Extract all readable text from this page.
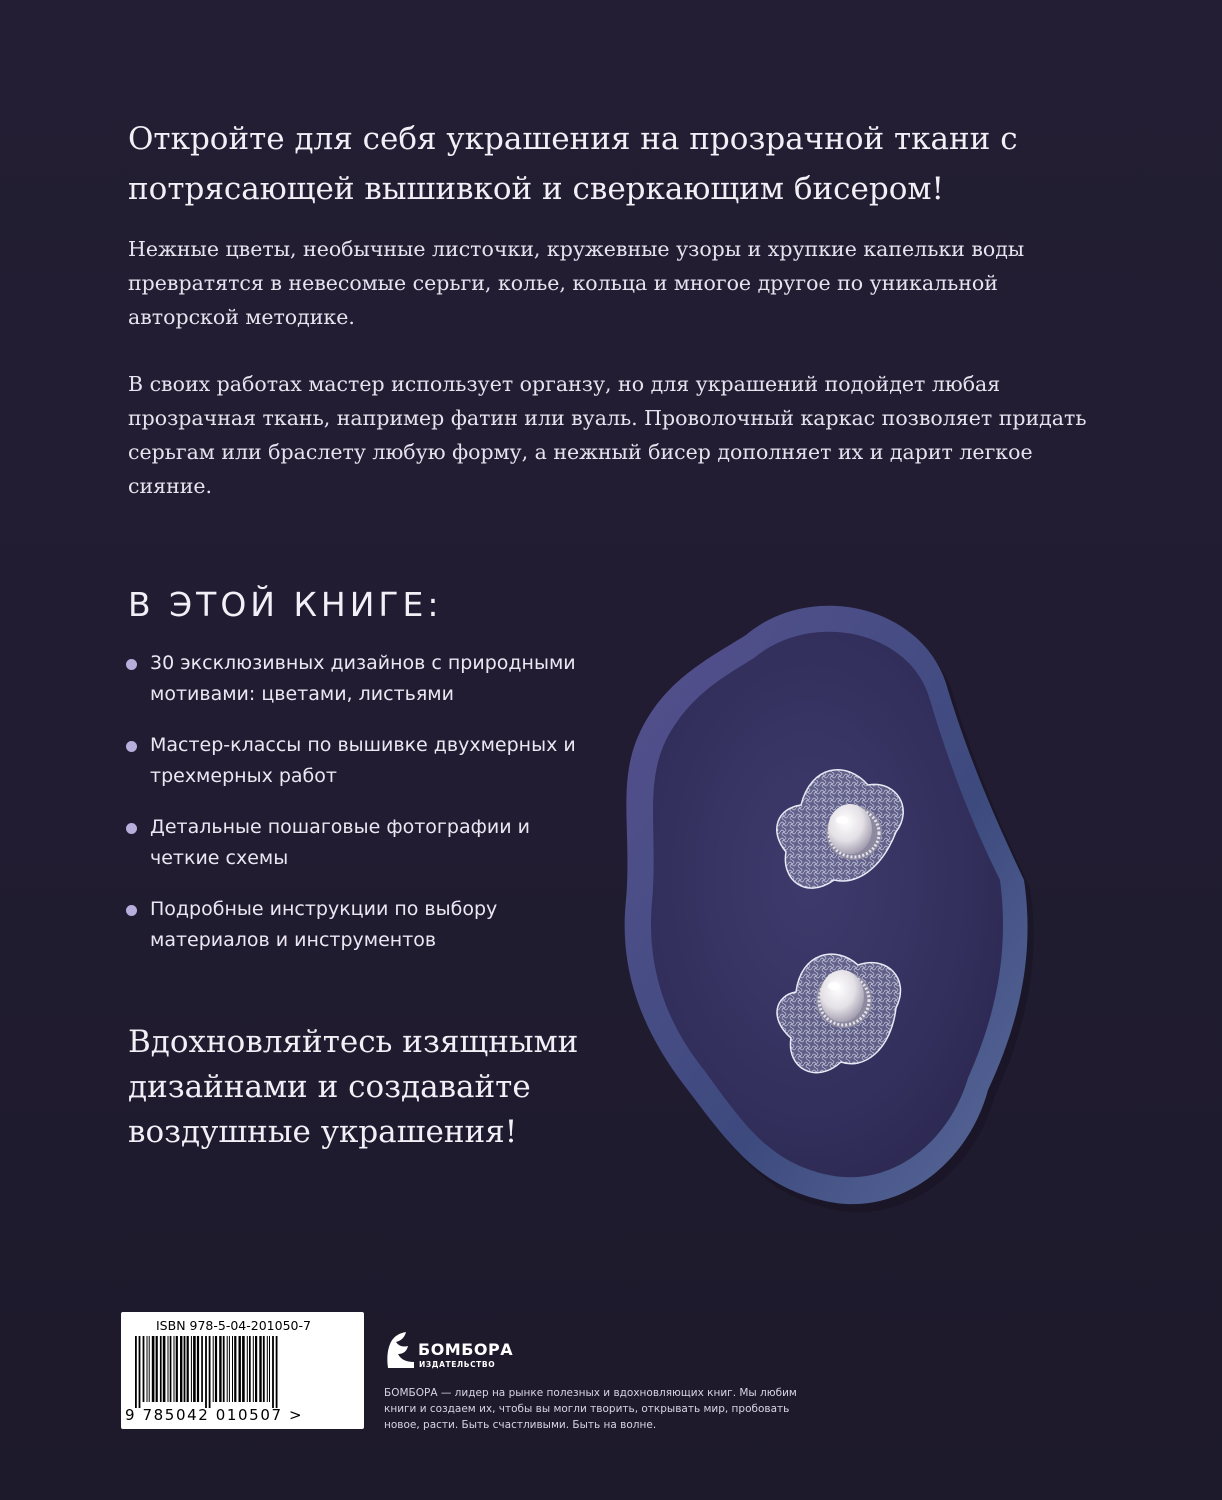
Откройте для себя украшения на прозрачной ткани с потрясающей вышивкой и сверкающим бисером!

Нежные цветы, необычные листочки, кружевные узоры и хрупкие капельки воды превратятся в невесомые серьги, колье, кольца и многое другое по уникальной авторской методике.

В своих работах мастер использует органзу, но для украшений подойдет любая прозрачная ткань, например фатин или вуаль. Проволочный каркас позволяет придать серьгам или браслету любую форму, а нежный бисер дополняет их и дарит легкое сияние.

В ЭТОЙ КНИГЕ:
30 эксклюзивных дизайнов с природными мотивами: цветами, листьями
Мастер-классы по вышивке двухмерных и трехмерных работ
Детальные пошаговые фотографии и четкие схемы
Подробные инструкции по выбору материалов и инструментов
Вдохновляйтесь изящными дизайнами и создавайте воздушные украшения!
ISBN 978-5-04-201050-7
9 785042 010507 >
БОМБОРА
ИЗДАТЕЛЬСТВО

БОМБОРА — лидер на рынке полезных и вдохновляющих книг. Мы любим книги и создаем их, чтобы вы могли творить, открывать мир, пробовать новое, расти. Быть счастливыми. Быть на волне.
